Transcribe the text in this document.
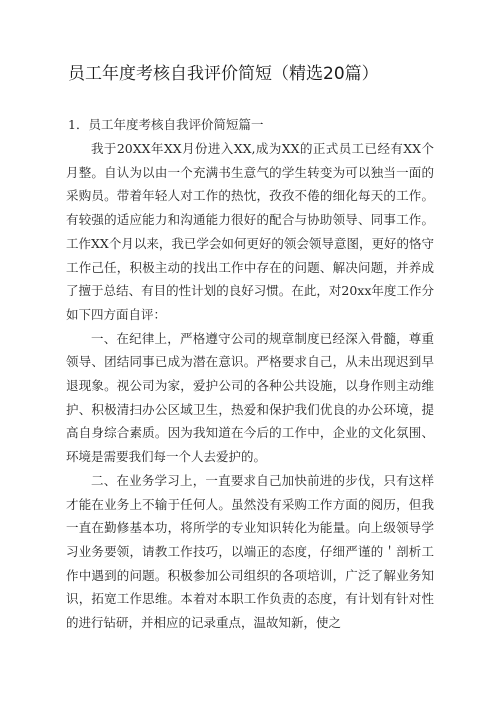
员工年度考核自我评价简短（精选20篇）
1．员工年度考核自我评价简短篇一

我于20XX年XX月份进入XX,成为XX的正式员工已经有XX个月整。自认为以由一个充满书生意气的学生转变为可以独当一面的采购员。带着年轻人对工作的热忱，孜孜不倦的细化每天的工作。有较强的适应能力和沟通能力很好的配合与协助领导、同事工作。工作XX个月以来，我已学会如何更好的领会领导意图，更好的恪守工作己任，积极主动的找出工作中存在的问题、解决问题，并养成了擅于总结、有目的性计划的良好习惯。在此，对20xx年度工作分如下四方面自评：

一、在纪律上，严格遵守公司的规章制度已经深入骨髓，尊重领导、团结同事已成为潜在意识。严格要求自己，从未出现迟到早退现象。视公司为家，爱护公司的各种公共设施，以身作则主动维护、积极清扫办公区域卫生，热爱和保护我们优良的办公环境，提高自身综合素质。因为我知道在今后的工作中，企业的文化氛围、环境是需要我们每一个人去爱护的。

二、在业务学习上，一直要求自己加快前进的步伐，只有这样才能在业务上不输于任何人。虽然没有采购工作方面的阅历，但我一直在勤修基本功，将所学的专业知识转化为能量。向上级领导学习业务要领，请教工作技巧，以端正的态度，仔细严谨的＇剖析工作中遇到的问题。积极参加公司组织的各项培训，广泛了解业务知识，拓宽工作思维。本着对本职工作负责的态度，有计划有针对性的进行钻研，并相应的记录重点，温故知新，使之
